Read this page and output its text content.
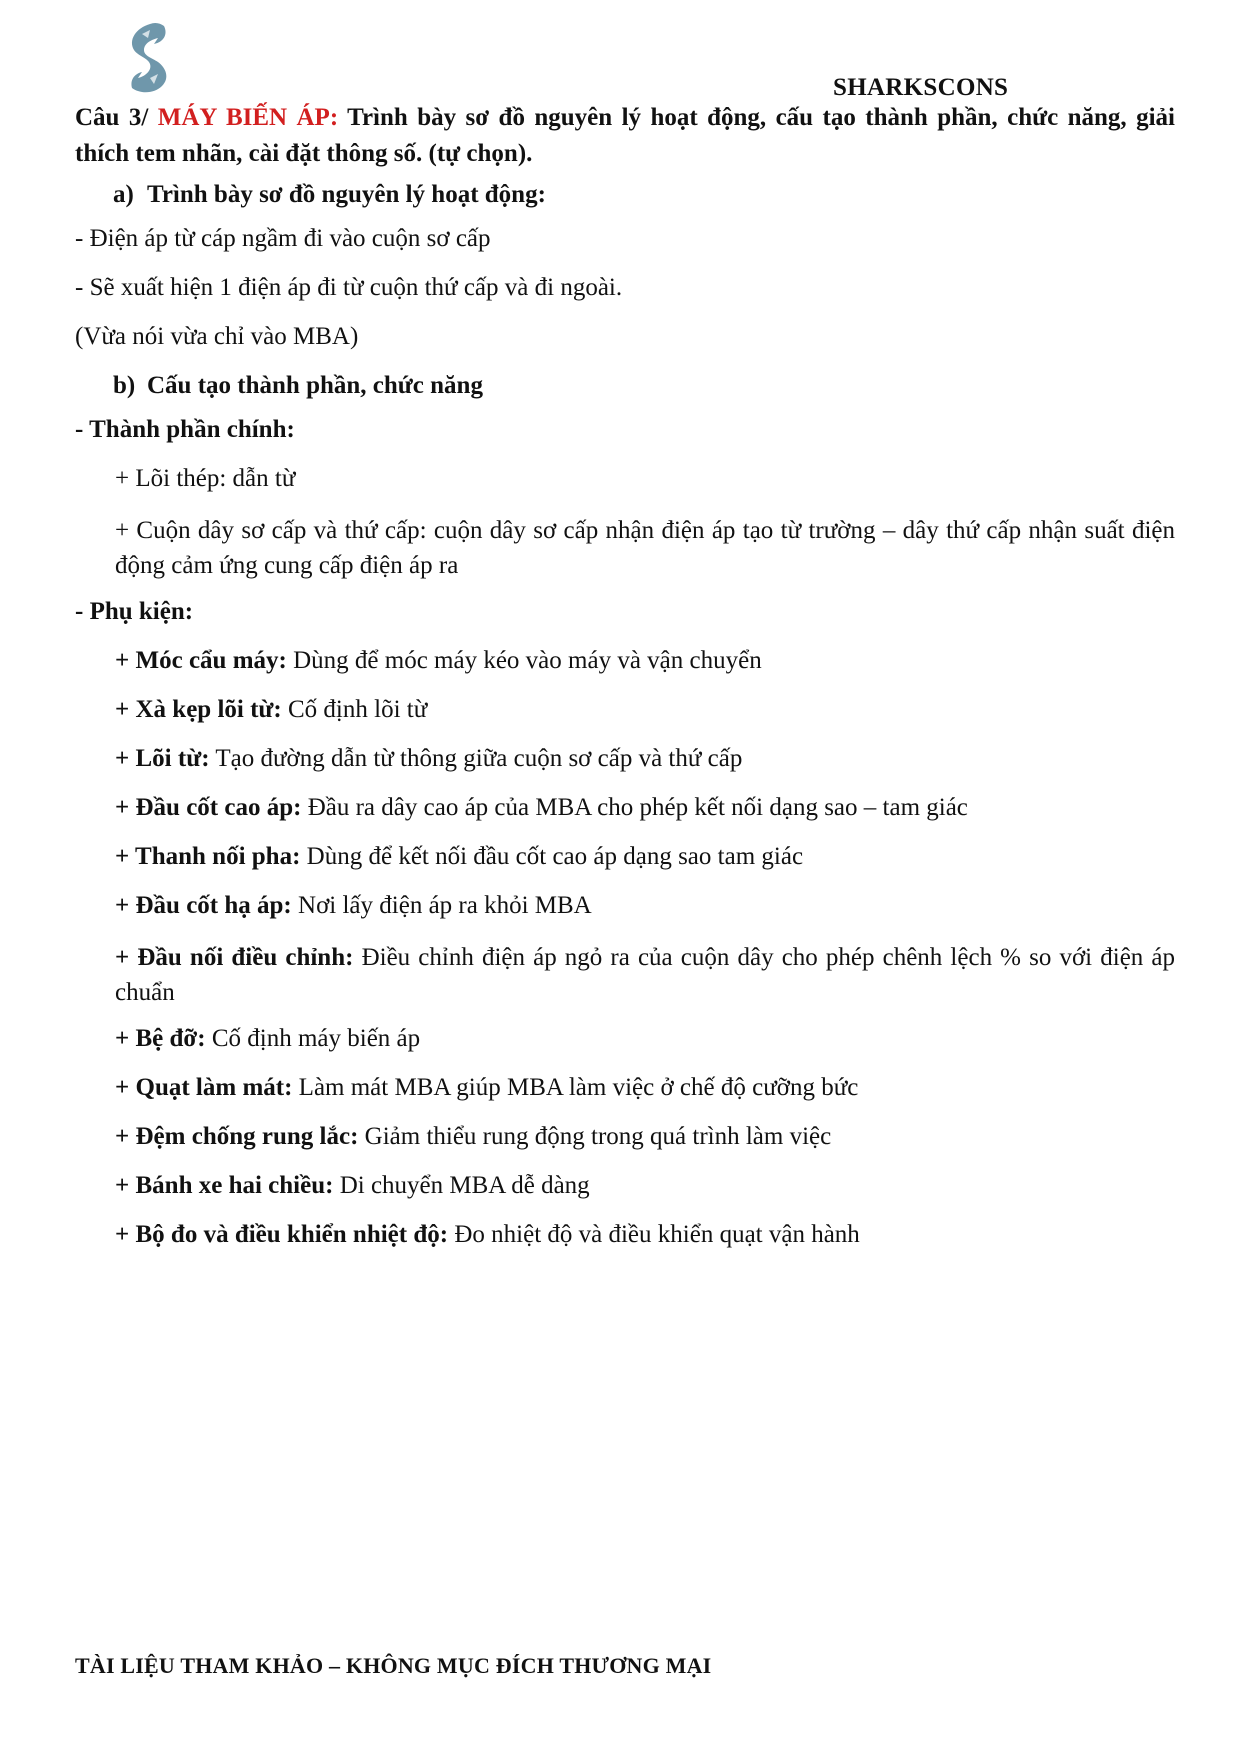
SHARKSCONS

Câu 3/ MÁY BIẾN ÁP: Trình bày sơ đồ nguyên lý hoạt động, cấu tạo thành phần, chức năng, giải thích tem nhãn, cài đặt thông số. (tự chọn).

a) Trình bày sơ đồ nguyên lý hoạt động:

- Điện áp từ cáp ngầm đi vào cuộn sơ cấp

- Sẽ xuất hiện 1 điện áp đi từ cuộn thứ cấp và đi ngoài.

(Vừa nói vừa chỉ vào MBA)

b) Cấu tạo thành phần, chức năng

- Thành phần chính:

+ Lõi thép: dẫn từ

+ Cuộn dây sơ cấp và thứ cấp: cuộn dây sơ cấp nhận điện áp tạo từ trường – dây thứ cấp nhận suất điện động cảm ứng cung cấp điện áp ra

- Phụ kiện:

+ Móc cẩu máy: Dùng để móc máy kéo vào máy và vận chuyển

+ Xà kẹp lõi từ: Cố định lõi từ

+ Lõi từ: Tạo đường dẫn từ thông giữa cuộn sơ cấp và thứ cấp

+ Đầu cốt cao áp: Đầu ra dây cao áp của MBA cho phép kết nối dạng sao – tam giác

+ Thanh nối pha: Dùng để kết nối đầu cốt cao áp dạng sao tam giác

+ Đầu cốt hạ áp: Nơi lấy điện áp ra khỏi MBA

+ Đầu nối điều chỉnh: Điều chỉnh điện áp ngỏ ra của cuộn dây cho phép chênh lệch % so với điện áp chuẩn

+ Bệ đỡ: Cố định máy biến áp

+ Quạt làm mát: Làm mát MBA giúp MBA làm việc ở chế độ cưỡng bức

+ Đệm chống rung lắc: Giảm thiểu rung động trong quá trình làm việc

+ Bánh xe hai chiều: Di chuyển MBA dễ dàng

+ Bộ đo và điều khiển nhiệt độ: Đo nhiệt độ và điều khiển quạt vận hành

TÀI LIỆU THAM KHẢO – KHÔNG MỤC ĐÍCH THƯƠNG MẠI
